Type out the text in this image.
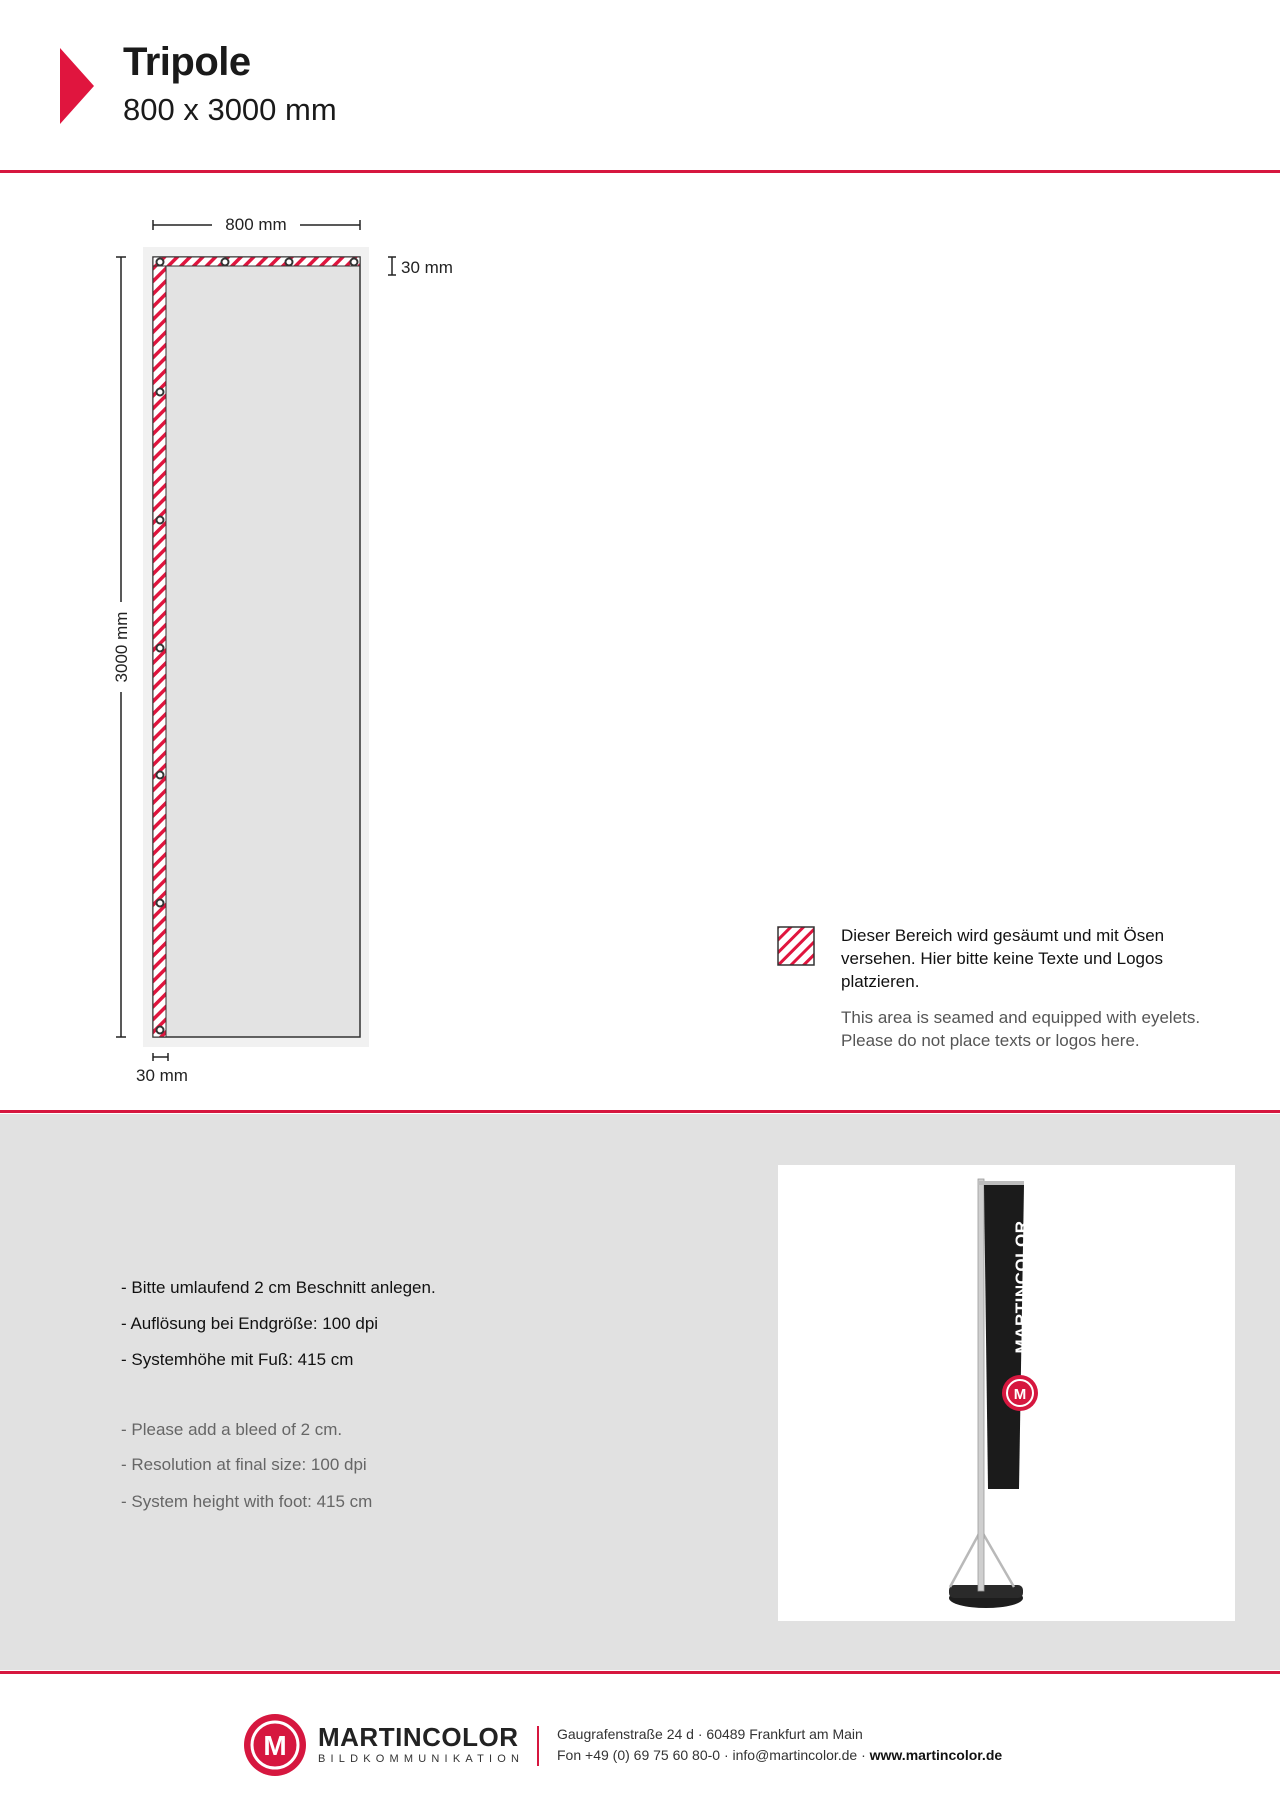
Tripole
800 x 3000 mm
800 mm
30 mm
30 mm
3000 mm
Dieser Bereich wird gesäumt und mit Ösen versehen. Hier bitte keine Texte und Logos platzieren.
This area is seamed and equipped with eyelets. Please do not place texts or logos here.
- Bitte umlaufend 2 cm Beschnitt anlegen.
- Auflösung bei Endgröße: 100 dpi
- Systemhöhe mit Fuß: 415 cm
- Please add a bleed of 2 cm.
- Resolution at final size: 100 dpi
- System height with foot: 415 cm
M
MARTINCOLOR
M MARTINCOLOR
BILDKOMMUNIKATION
Gaugrafenstraße 24 d · 60489 Frankfurt am Main
Fon +49 (0) 69 75 60 80-0 · info@martincolor.de · www.martincolor.de
